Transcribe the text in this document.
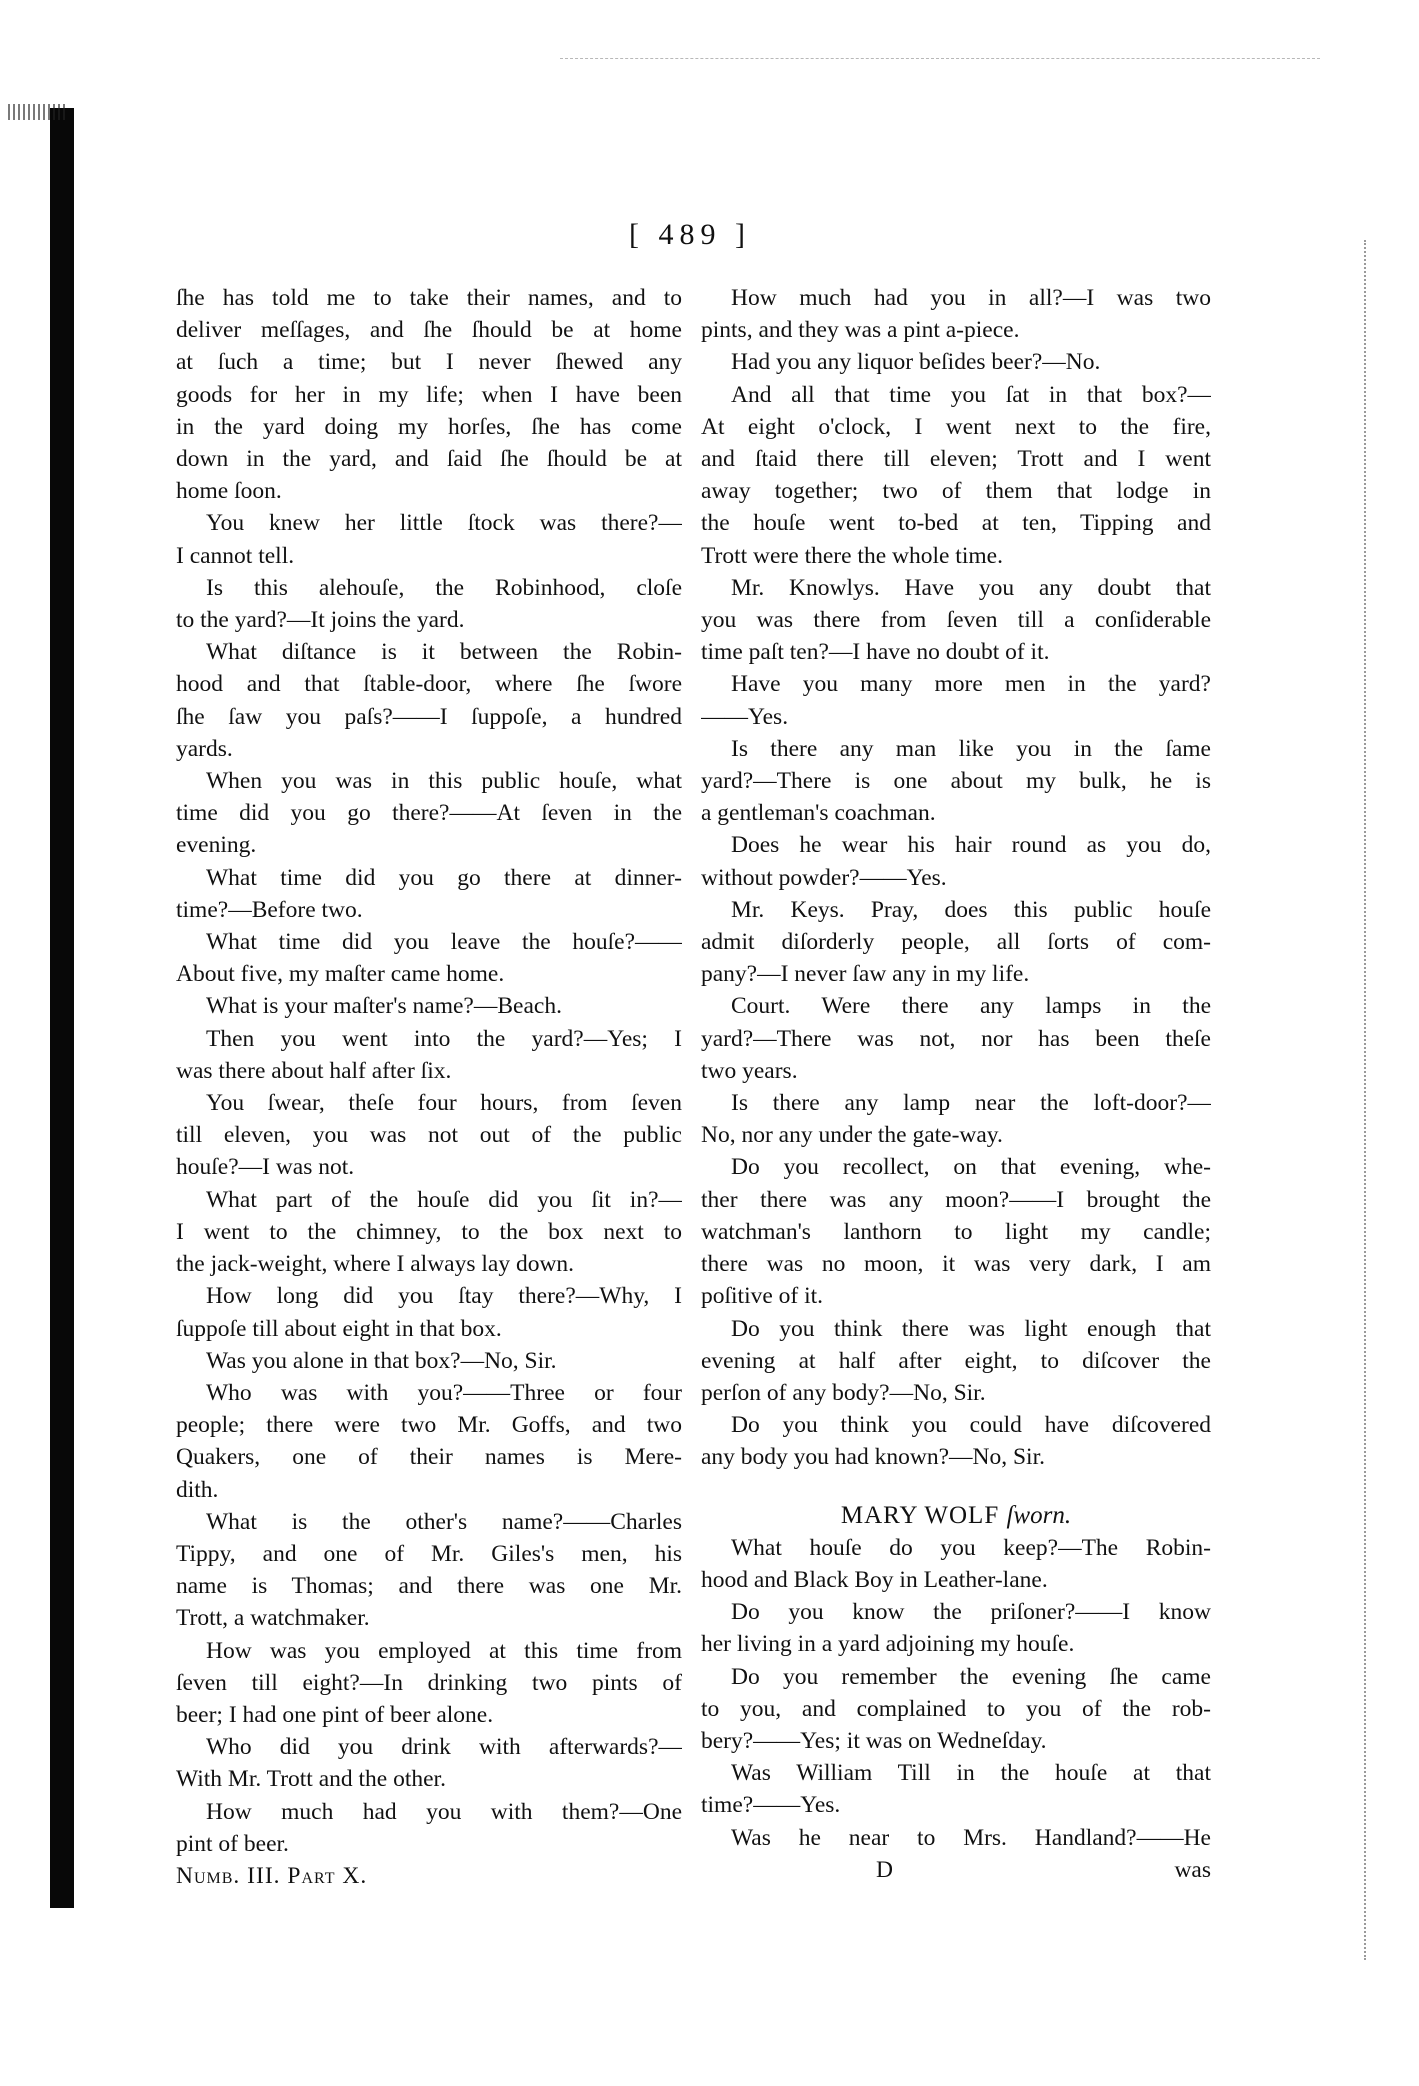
[ 489 ]
ſhe has told me to take their names, and to
deliver meſſages, and ſhe ſhould be at home
at ſuch a time; but I never ſhewed any
goods for her in my life; when I have been
in the yard doing my horſes, ſhe has come
down in the yard, and ſaid ſhe ſhould be at
home ſoon.
You knew her little ſtock was there?—
I cannot tell.
Is this alehouſe, the Robinhood, cloſe
to the yard?—It joins the yard.
What diſtance is it between the Robin-
hood and that ſtable-door, where ſhe ſwore
ſhe ſaw you paſs?——I ſuppoſe, a hundred
yards.
When you was in this public houſe, what
time did you go there?——At ſeven in the
evening.
What time did you go there at dinner-
time?—Before two.
What time did you leave the houſe?——
About five, my maſter came home.
What is your maſter's name?—Beach.
Then you went into the yard?—Yes; I
was there about half after ſix.
You ſwear, theſe four hours, from ſeven
till eleven, you was not out of the public
houſe?—I was not.
What part of the houſe did you ſit in?—
I went to the chimney, to the box next to
the jack-weight, where I always lay down.
How long did you ſtay there?—Why, I
ſuppoſe till about eight in that box.
Was you alone in that box?—No, Sir.
Who was with you?——Three or four
people; there were two Mr. Goffs, and two
Quakers, one of their names is Mere-
dith.
What is the other's name?——Charles
Tippy, and one of Mr. Giles's men, his
name is Thomas; and there was one Mr.
Trott, a watchmaker.
How was you employed at this time from
ſeven till eight?—In drinking two pints of
beer; I had one pint of beer alone.
Who did you drink with afterwards?—
With Mr. Trott and the other.
How much had you with them?—One
pint of beer.
Numb. III. Part X.
How much had you in all?—I was two
pints, and they was a pint a-piece.
Had you any liquor beſides beer?—No.
And all that time you ſat in that box?—
At eight o'clock, I went next to the fire,
and ſtaid there till eleven; Trott and I went
away together; two of them that lodge in
the houſe went to-bed at ten, Tipping and
Trott were there the whole time.
Mr. Knowlys. Have you any doubt that
you was there from ſeven till a conſiderable
time paſt ten?—I have no doubt of it.
Have you many more men in the yard?
——Yes.
Is there any man like you in the ſame
yard?—There is one about my bulk, he is
a gentleman's coachman.
Does he wear his hair round as you do,
without powder?——Yes.
Mr. Keys. Pray, does this public houſe
admit diſorderly people, all ſorts of com-
pany?—I never ſaw any in my life.
Court. Were there any lamps in the
yard?—There was not, nor has been theſe
two years.
Is there any lamp near the loft-door?—
No, nor any under the gate-way.
Do you recollect, on that evening, whe-
ther there was any moon?——I brought the
watchman's lanthorn to light my candle;
there was no moon, it was very dark, I am
poſitive of it.
Do you think there was light enough that
evening at half after eight, to diſcover the
perſon of any body?—No, Sir.
Do you think you could have diſcovered
any body you had known?—No, Sir.
MARY WOLF ſworn.
What houſe do you keep?—The Robin-
hood and Black Boy in Leather-lane.
Do you know the priſoner?——I know
her living in a yard adjoining my houſe.
Do you remember the evening ſhe came
to you, and complained to you of the rob-
bery?——Yes; it was on Wedneſday.
Was William Till in the houſe at that
time?——Yes.
Was he near to Mrs. Handland?——He
D	was
